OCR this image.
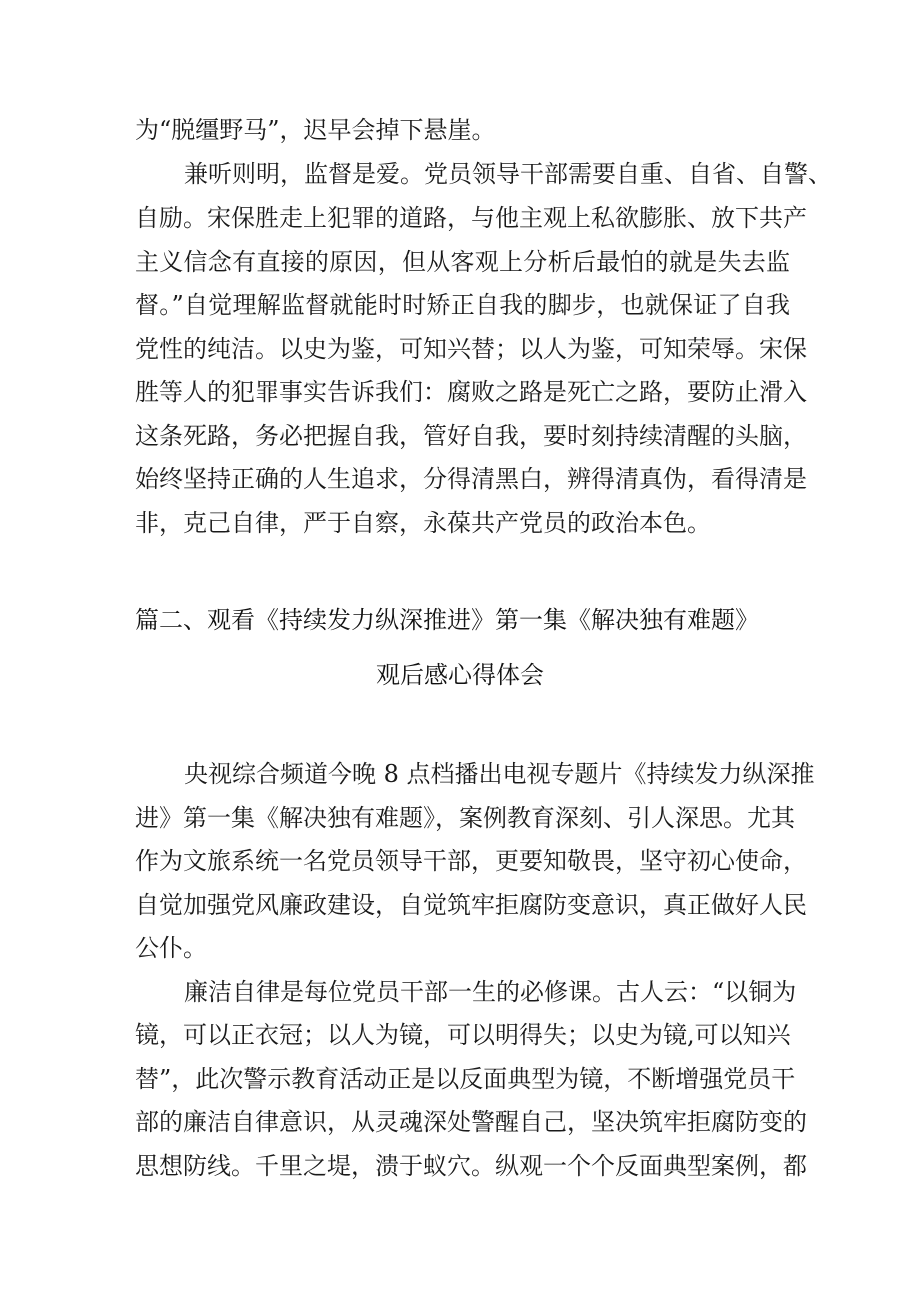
为“脱缰野马”，迟早会掉下悬崖。
兼听则明，监督是爱。党员领导干部需要自重、自省、自警、
自励。宋保胜走上犯罪的道路，与他主观上私欲膨胀、放下共产
主义信念有直接的原因，但从客观上分析后最怕的就是失去监
督。”自觉理解监督就能时时矫正自我的脚步，也就保证了自我
党性的纯洁。以史为鉴，可知兴替；以人为鉴，可知荣辱。宋保
胜等人的犯罪事实告诉我们：腐败之路是死亡之路，要防止滑入
这条死路，务必把握自我，管好自我，要时刻持续清醒的头脑，
始终坚持正确的人生追求，分得清黑白，辨得清真伪，看得清是
非，克己自律，严于自察，永葆共产党员的政治本色。
篇二、观看《持续发力纵深推进》第一集《解决独有难题》
观后感心得体会
央视综合频道今晚 8 点档播出电视专题片《持续发力纵深推
进》第一集《解决独有难题》，案例教育深刻、引人深思。尤其
作为文旅系统一名党员领导干部，更要知敬畏，坚守初心使命，
自觉加强党风廉政建设，自觉筑牢拒腐防变意识，真正做好人民
公仆。
廉洁自律是每位党员干部一生的必修课。古人云：“以铜为
镜，可以正衣冠；以人为镜，可以明得失；以史为镜,可以知兴
替”，此次警示教育活动正是以反面典型为镜，不断增强党员干
部的廉洁自律意识，从灵魂深处警醒自己，坚决筑牢拒腐防变的
思想防线。千里之堤，溃于蚁穴。纵观一个个反面典型案例，都
